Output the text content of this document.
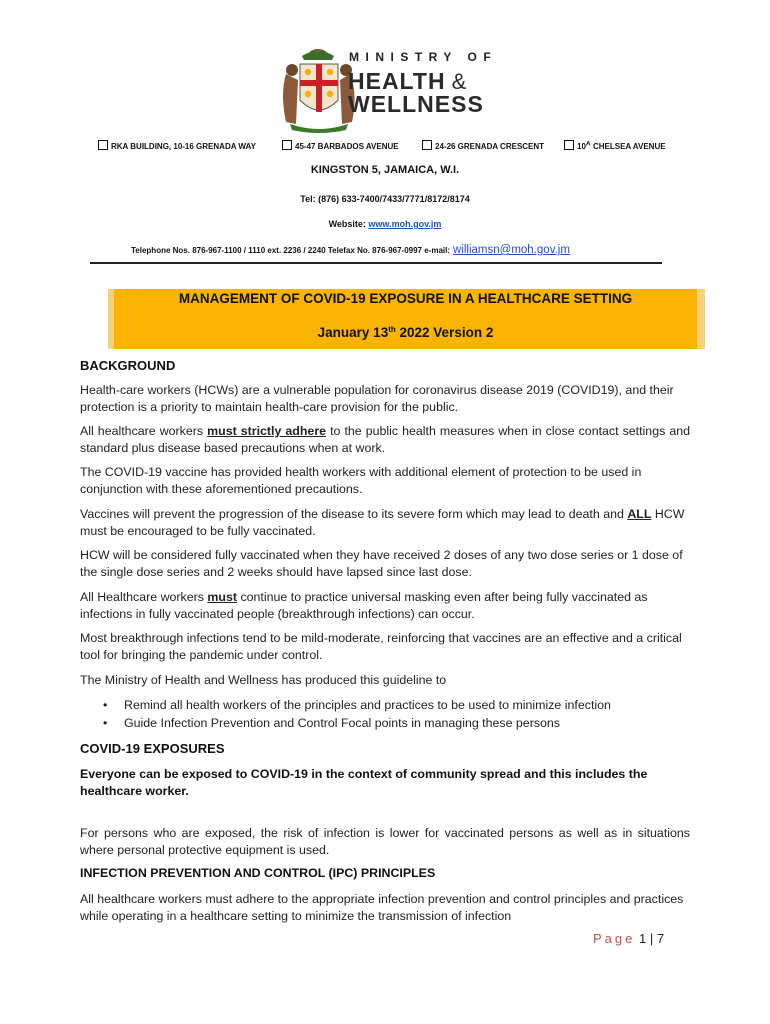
MINISTRY OF
HEALTH &
WELLNESS
RKA BUILDING, 10-16 GRENADA WAY	45-47 BARBADOS AVENUE	24-26 GRENADA CRESCENT	$10^A$ CHELSEA AVENUE
KINGSTON 5, JAMAICA, W.I.
Tel: (876) 633-7400/7433/7771/8172/8174
Website: www.moh.gov.jm
Telephone Nos. 876-967-1100 / 1110 ext. 2236 / 2240 Telefax No. 876-967-0997 e-mail: williamsn@moh.gov.jm
MANAGEMENT OF COVID-19 EXPOSURE IN A HEALTHCARE SETTING
January 13th 2022 Version 2
BACKGROUND
Health-care workers (HCWs) are a vulnerable population for coronavirus disease 2019 (COVID19), and their protection is a priority to maintain health-care provision for the public.
All healthcare workers must strictly adhere to the public health measures when in close contact settings and standard plus disease based precautions when at work.
The COVID-19 vaccine has provided health workers with additional element of protection to be used in conjunction with these aforementioned precautions.
Vaccines will prevent the progression of the disease to its severe form which may lead to death and ALL HCW must be encouraged to be fully vaccinated.
HCW will be considered fully vaccinated when they have received 2 doses of any two dose series or 1 dose of the single dose series and 2 weeks should have lapsed since last dose.
All Healthcare workers must continue to practice universal masking even after being fully vaccinated as infections in fully vaccinated people (breakthrough infections) can occur.
Most breakthrough infections tend to be mild-moderate, reinforcing that vaccines are an effective and a critical tool for bringing the pandemic under control.
The Ministry of Health and Wellness has produced this guideline to
• Remind all health workers of the principles and practices to be used to minimize infection
• Guide Infection Prevention and Control Focal points in managing these persons
COVID-19 EXPOSURES
Everyone can be exposed to COVID-19 in the context of community spread and this includes the healthcare worker.
For persons who are exposed, the risk of infection is lower for vaccinated persons as well as in situations where personal protective equipment is used.
INFECTION PREVENTION AND CONTROL (IPC) PRINCIPLES
All healthcare workers must adhere to the appropriate infection prevention and control principles and practices while operating in a healthcare setting to minimize the transmission of infection
Page 1 | 7
